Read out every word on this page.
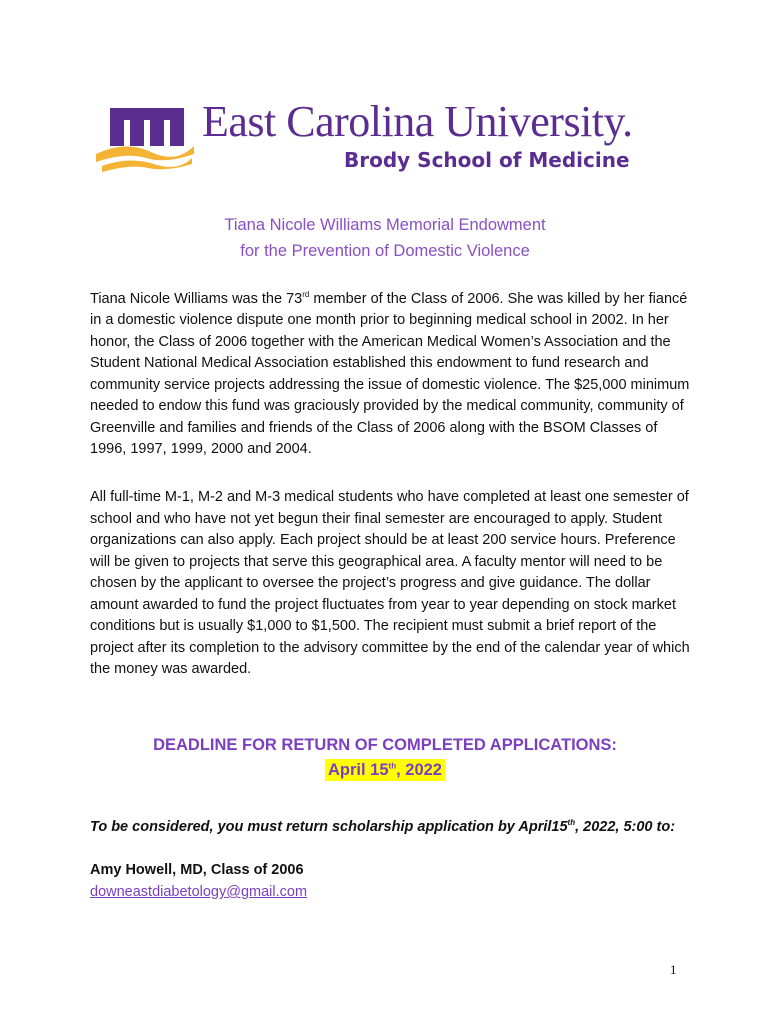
East Carolina University.
Brody School of Medicine
Tiana Nicole Williams Memorial Endowment
for the Prevention of Domestic Violence

Tiana Nicole Williams was the 73rd member of the Class of 2006. She was killed by her fiancé in a domestic violence dispute one month prior to beginning medical school in 2002. In her honor, the Class of 2006 together with the American Medical Women’s Association and the Student National Medical Association established this endowment to fund research and community service projects addressing the issue of domestic violence. The $25,000 minimum needed to endow this fund was graciously provided by the medical community, community of Greenville and families and friends of the Class of 2006 along with the BSOM Classes of 1996, 1997, 1999, 2000 and 2004.

All full-time M-1, M-2 and M-3 medical students who have completed at least one semester of school and who have not yet begun their final semester are encouraged to apply. Student organizations can also apply. Each project should be at least 200 service hours. Preference will be given to projects that serve this geographical area. A faculty mentor will need to be chosen by the applicant to oversee the project’s progress and give guidance. The dollar amount awarded to fund the project fluctuates from year to year depending on stock market conditions but is usually $1,000 to $1,500. The recipient must submit a brief report of the project after its completion to the advisory committee by the end of the calendar year of which the money was awarded.

DEADLINE FOR RETURN OF COMPLETED APPLICATIONS:
April 15th, 2022
To be considered, you must return scholarship application by April15th, 2022, 5:00 to:
Amy Howell, MD, Class of 2006
downeastdiabetology@gmail.com
1
